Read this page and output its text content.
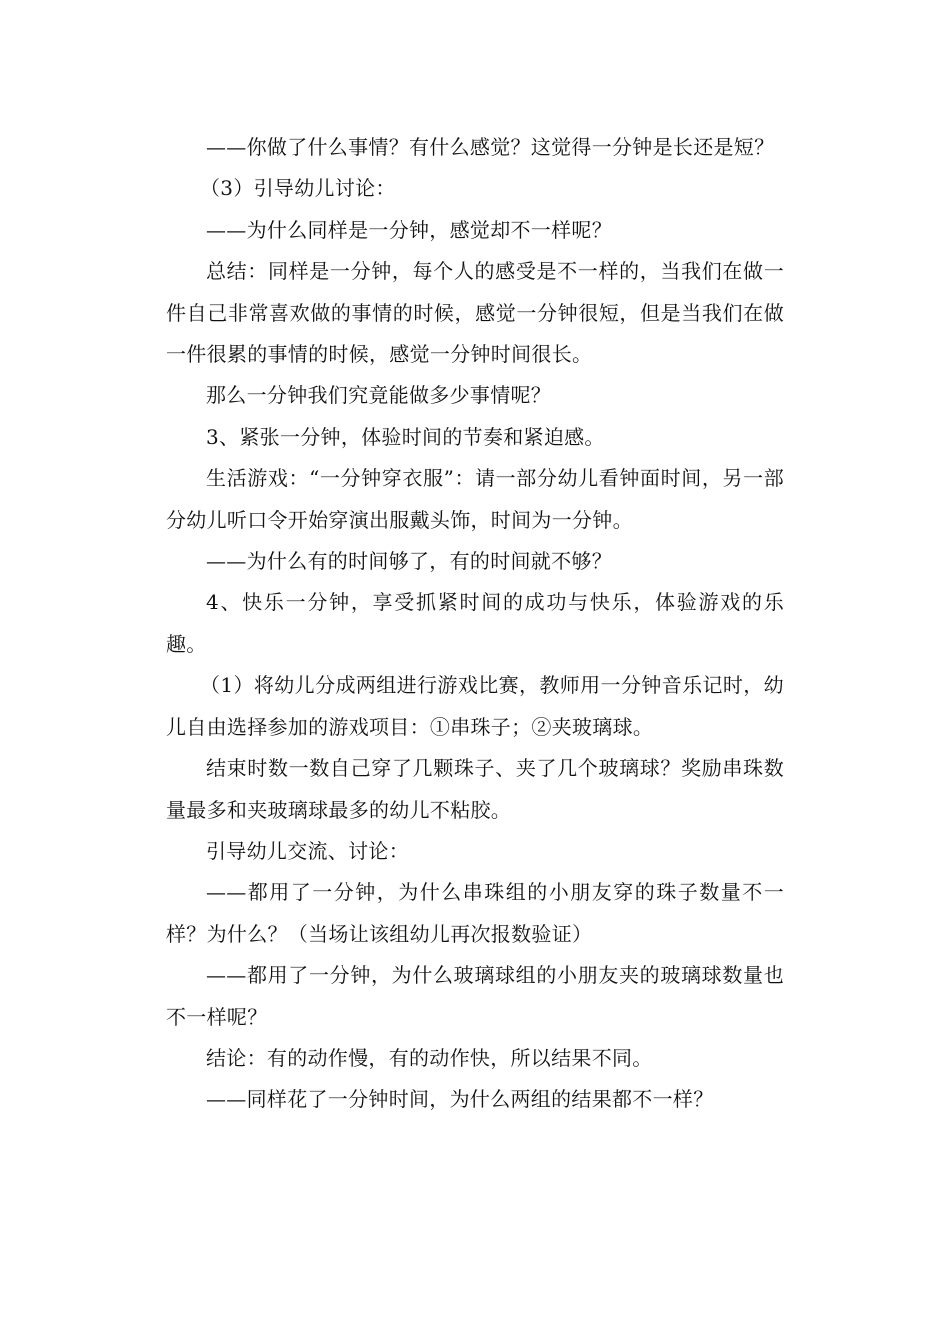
——你做了什么事情？有什么感觉？这觉得一分钟是长还是短？

（3）引导幼儿讨论：

——为什么同样是一分钟，感觉却不一样呢？

总结：同样是一分钟，每个人的感受是不一样的，当我们在做一件自己非常喜欢做的事情的时候，感觉一分钟很短，但是当我们在做一件很累的事情的时候，感觉一分钟时间很长。

那么一分钟我们究竟能做多少事情呢？

3、紧张一分钟，体验时间的节奏和紧迫感。

生活游戏：“一分钟穿衣服”：请一部分幼儿看钟面时间，另一部分幼儿听口令开始穿演出服戴头饰，时间为一分钟。

——为什么有的时间够了，有的时间就不够？

4、快乐一分钟，享受抓紧时间的成功与快乐，体验游戏的乐趣。

（1）将幼儿分成两组进行游戏比赛，教师用一分钟音乐记时，幼儿自由选择参加的游戏项目：①串珠子；②夹玻璃球。

结束时数一数自己穿了几颗珠子、夹了几个玻璃球？奖励串珠数量最多和夹玻璃球最多的幼儿不粘胶。

引导幼儿交流、讨论：

——都用了一分钟，为什么串珠组的小朋友穿的珠子数量不一样？为什么？（当场让该组幼儿再次报数验证）

——都用了一分钟，为什么玻璃球组的小朋友夹的玻璃球数量也不一样呢？

结论：有的动作慢，有的动作快，所以结果不同。

——同样花了一分钟时间，为什么两组的结果都不一样？
